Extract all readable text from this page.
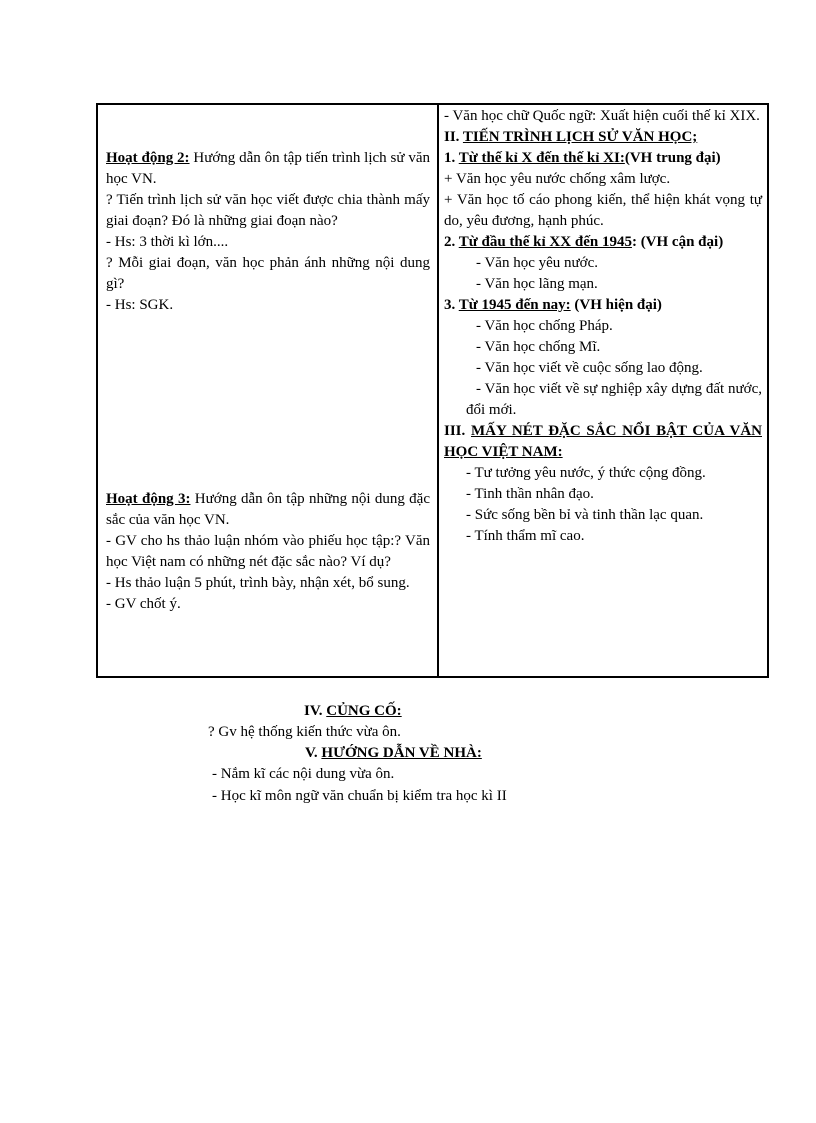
Hoạt động 2: Hướng dẫn ôn tập tiến trình lịch sử văn học VN.

? Tiến trình lịch sử văn học viết được chia thành mấy giai đoạn? Đó là những giai đoạn nào?

- Hs: 3 thời kì lớn....

? Mỗi giai đoạn, văn học phản ánh những nội dung gì?

- Hs: SGK.

Hoạt động 3: Hướng dẫn ôn tập những nội dung đặc sắc của văn học VN.

- GV cho hs thảo luận nhóm vào phiếu học tập:? Văn học Việt nam có những nét đặc sắc nào? Ví dụ?

- Hs thảo luận 5 phút, trình bày, nhận xét, bổ sung.

- GV chốt ý.

- Văn học chữ Quốc ngữ: Xuất hiện cuối thế kỉ XIX.

II. TIẾN TRÌNH LỊCH SỬ VĂN HỌC;

1. Từ thế kỉ X đến thế kỉ XI:(VH trung đại)

+ Văn học yêu nước chống xâm lược.

+ Văn học tố cáo phong kiến, thể hiện khát vọng tự do, yêu đương, hạnh phúc.

2. Từ đầu thế kỉ XX đến 1945: (VH cận đại)

- Văn học yêu nước.

- Văn học lãng mạn.

3. Từ 1945 đến nay: (VH hiện đại)

- Văn học chống Pháp.

- Văn học chống Mĩ.

- Văn học viết về cuộc sống lao động.

- Văn học viết về sự nghiệp xây dựng đất nước, đổi mới.

III. MẤY NÉT ĐẶC SẮC NỔI BẬT CỦA VĂN HỌC VIỆT NAM:

- Tư tưởng yêu nước, ý thức cộng đồng.

- Tinh thần nhân đạo.

- Sức sống bền bỉ và tinh thần lạc quan.

- Tính thẩm mĩ cao.

IV. CỦNG CỐ:
? Gv hệ thống kiến thức vừa ôn.
V. HƯỚNG DẪN VỀ NHÀ:
- Nắm kĩ các nội dung vừa ôn.
- Học kĩ môn ngữ văn chuẩn bị kiểm tra học kì II
